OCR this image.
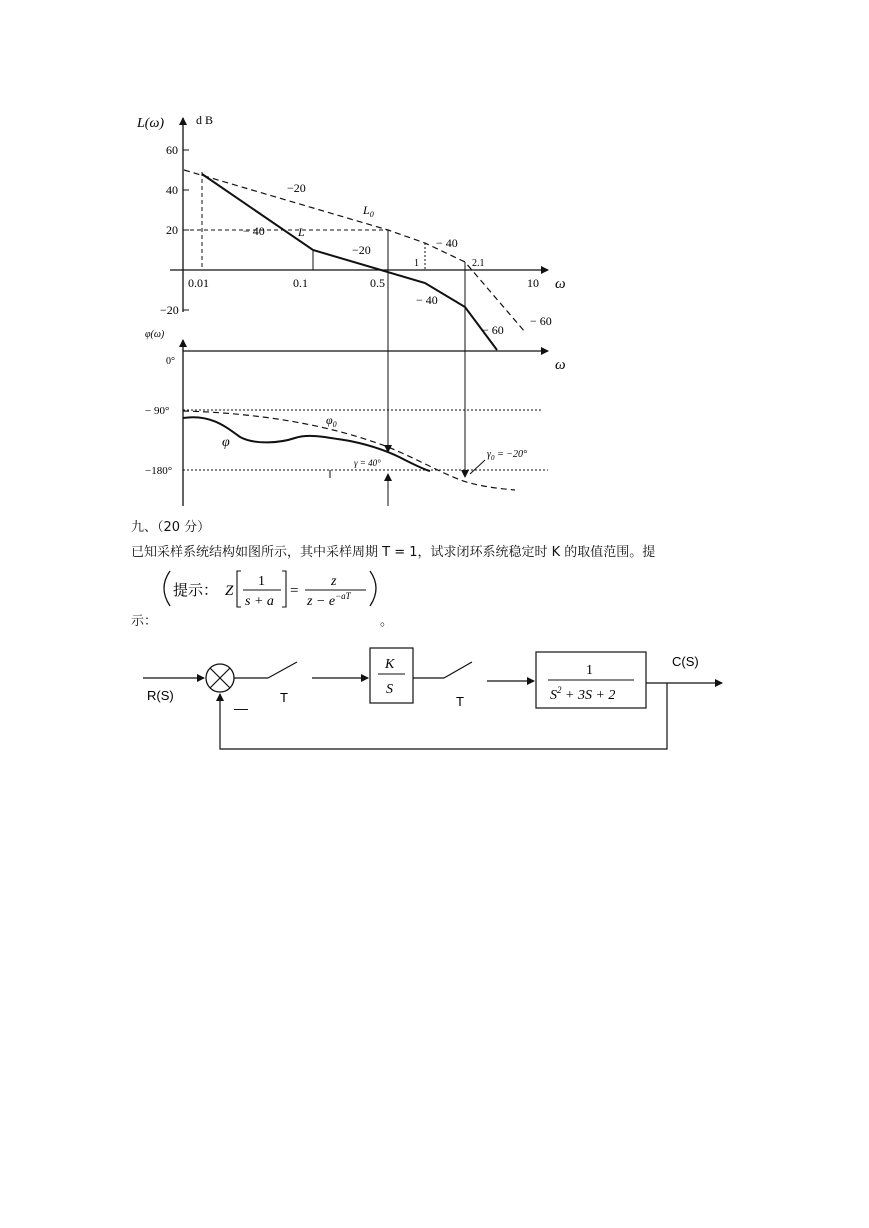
L(ω)	d B
60
40
20
−20
0.01	0.1	0.5	10
1	2.1
ω
−20
− 40
−20	− 40
− 40
− 60
− 60
$L_0$
L
φ(ω)
ω
0°
− 90°
−180°
$\varphi_0$
φ
γ = 40°
$\gamma_0 = -20^\circ$
提示： Z
1
s + a
=
z
$z - e^{-aT}$
R(S)
—
T
K
S
T
1
$S^2 + 3S + 2$
C(S)
九、（20 分）
已知采样系统结构如图所示，其中采样周期 T = 1，试求闭环系统稳定时 K 的取值范围。提
示：	。
